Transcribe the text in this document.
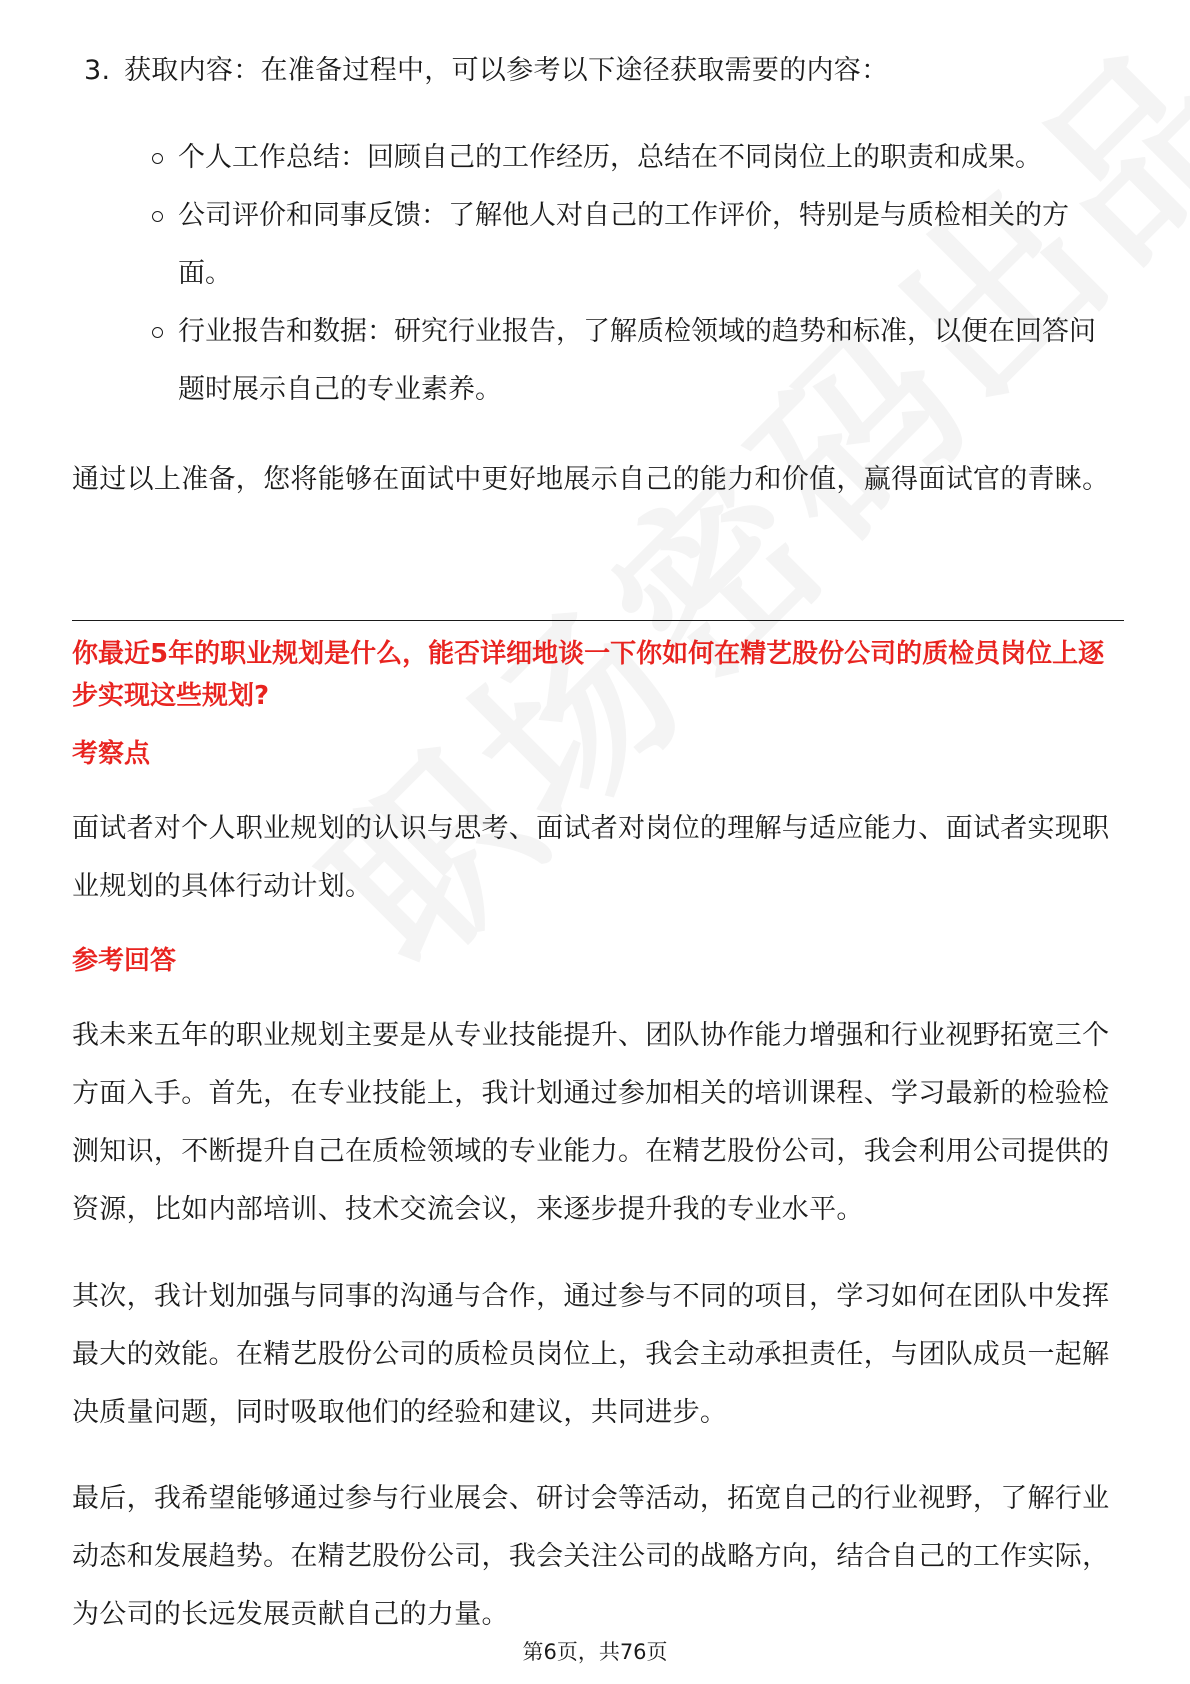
3. 获取内容：在准备过程中，可以参考以下途径获取需要的内容：

个人工作总结：回顾自己的工作经历，总结在不同岗位上的职责和成果。
公司评价和同事反馈：了解他人对自己的工作评价，特别是与质检相关的方面。
行业报告和数据：研究行业报告，了解质检领域的趋势和标准，以便在回答问题时展示自己的专业素养。

通过以上准备，您将能够在面试中更好地展示自己的能力和价值，赢得面试官的青睐。

你最近5年的职业规划是什么，能否详细地谈一下你如何在精艺股份公司的质检员岗位上逐步实现这些规划?

考察点

面试者对个人职业规划的认识与思考、面试者对岗位的理解与适应能力、面试者实现职业规划的具体行动计划。

参考回答

我未来五年的职业规划主要是从专业技能提升、团队协作能力增强和行业视野拓宽三个方面入手。首先，在专业技能上，我计划通过参加相关的培训课程、学习最新的检验检测知识，不断提升自己在质检领域的专业能力。在精艺股份公司，我会利用公司提供的资源，比如内部培训、技术交流会议，来逐步提升我的专业水平。

其次，我计划加强与同事的沟通与合作，通过参与不同的项目，学习如何在团队中发挥最大的效能。在精艺股份公司的质检员岗位上，我会主动承担责任，与团队成员一起解决质量问题，同时吸取他们的经验和建议，共同进步。

最后，我希望能够通过参与行业展会、研讨会等活动，拓宽自己的行业视野，了解行业动态和发展趋势。在精艺股份公司，我会关注公司的战略方向，结合自己的工作实际，为公司的长远发展贡献自己的力量。

第6页，共76页
